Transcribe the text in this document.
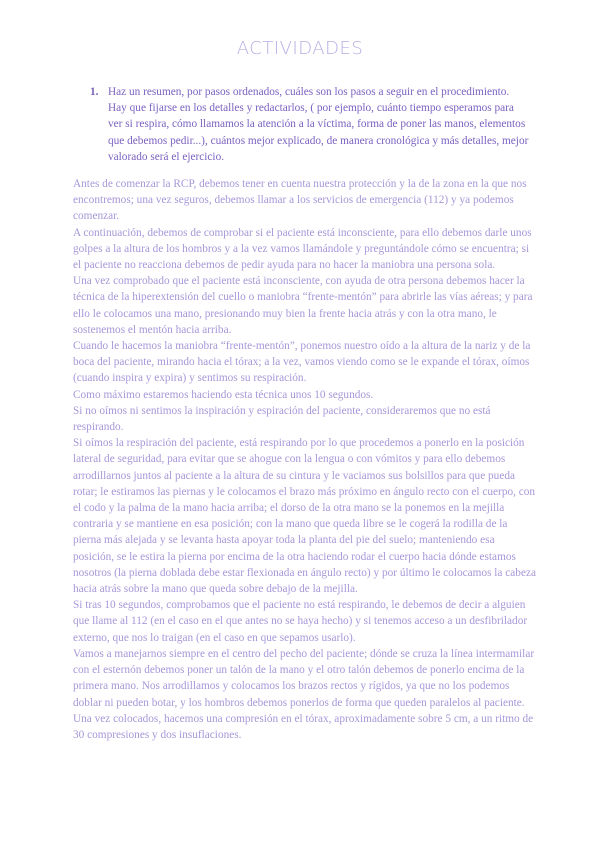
ACTIVIDADES
1. Haz un resumen, por pasos ordenados, cuáles son los pasos a seguir en el procedimiento. Hay que fijarse en los detalles y redactarlos, ( por ejemplo, cuánto tiempo esperamos para ver si respira, cómo llamamos la atención a la víctima, forma de poner las manos, elementos que debemos pedir...), cuántos mejor explicado, de manera cronológica y más detalles, mejor valorado será el ejercicio.

Antes de comenzar la RCP, debemos tener en cuenta nuestra protección y la de la zona en la que nos encontremos; una vez seguros, debemos llamar a los servicios de emergencia (112) y ya podemos comenzar.

A continuación, debemos de comprobar si el paciente está inconsciente, para ello debemos darle unos golpes a la altura de los hombros y a la vez vamos llamándole y preguntándole cómo se encuentra; si el paciente no reacciona debemos de pedir ayuda para no hacer la maniobra una persona sola.

Una vez comprobado que el paciente está inconsciente, con ayuda de otra persona debemos hacer la técnica de la hiperextensión del cuello o maniobra “frente-mentón” para abrirle las vías aéreas; y para ello le colocamos una mano, presionando muy bien la frente hacia atrás y con la otra mano, le sostenemos el mentón hacia arriba.

Cuando le hacemos la maniobra “frente-mentón”, ponemos nuestro oído a la altura de la nariz y de la boca del paciente, mirando hacia el tórax; a la vez, vamos viendo como se le expande el tórax, oímos (cuando inspira y expira) y sentimos su respiración.

Como máximo estaremos haciendo esta técnica unos 10 segundos.

Si no oímos ni sentimos la inspiración y espiración del paciente, consideraremos que no está respirando.

Si oímos la respiración del paciente, está respirando por lo que procedemos a ponerlo en la posición lateral de seguridad, para evitar que se ahogue con la lengua o con vómitos y para ello debemos arrodillarnos juntos al paciente a la altura de su cintura y le vaciamos sus bolsillos para que pueda rotar; le estiramos las piernas y le colocamos el brazo más próximo en ángulo recto con el cuerpo, con el codo y la palma de la mano hacia arriba; el dorso de la otra mano se la ponemos en la mejilla contraria y se mantiene en esa posición; con la mano que queda libre se le cogerá la rodilla de la pierna más alejada y se levanta hasta apoyar toda la planta del pie del suelo; manteniendo esa posición, se le estira la pierna por encima de la otra haciendo rodar el cuerpo hacia dónde estamos nosotros (la pierna doblada debe estar flexionada en ángulo recto) y por último le colocamos la cabeza hacia atrás sobre la mano que queda sobre debajo de la mejilla.

Si tras 10 segundos, comprobamos que el paciente no está respirando, le debemos de decir a alguien que llame al 112 (en el caso en el que antes no se haya hecho) y si tenemos acceso a un desfibrilador externo, que nos lo traigan (en el caso en que sepamos usarlo).

Vamos a manejarnos siempre en el centro del pecho del paciente; dónde se cruza la línea intermamilar con el esternón debemos poner un talón de la mano y el otro talón debemos de ponerlo encima de la primera mano. Nos arrodillamos y colocamos los brazos rectos y rígidos, ya que no los podemos doblar ni pueden botar, y los hombros debemos ponerlos de forma que queden paralelos al paciente.

Una vez colocados, hacemos una compresión en el tórax, aproximadamente sobre 5 cm, a un ritmo de 30 compresiones y dos insuflaciones.
